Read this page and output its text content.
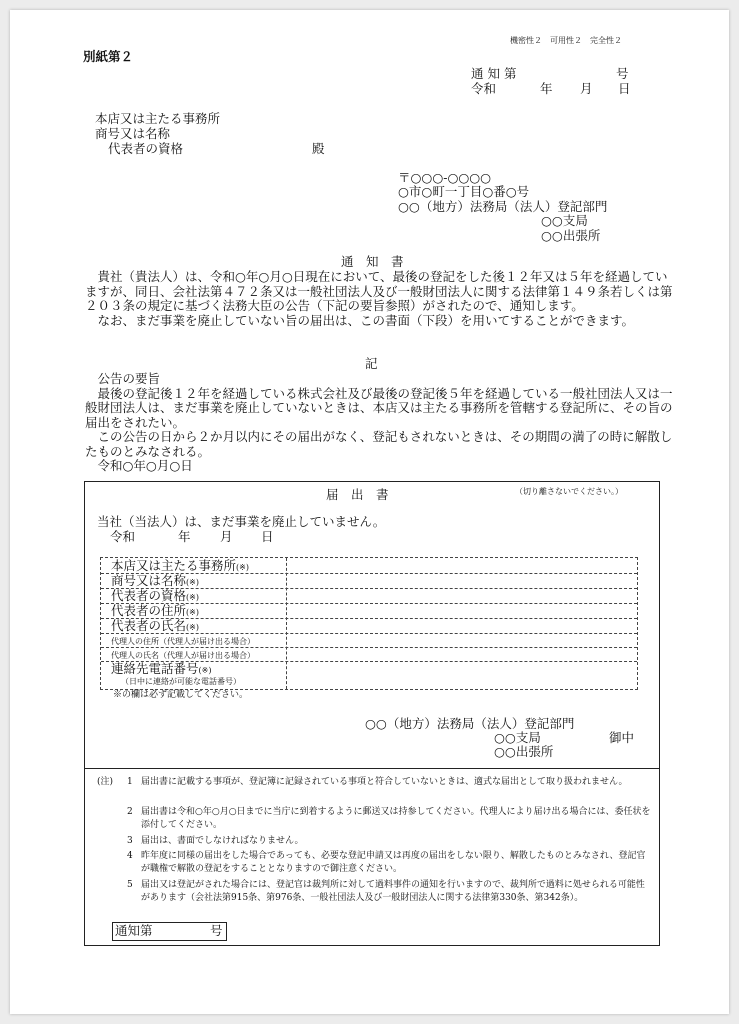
機密性２　可用性２　完全性２
別紙第２
通 知 第	号
令和	年 月 日
本店又は主たる事務所
商号又は名称
代表者の資格	殿
〒○○○-○○○○
○市○町一丁目○番○号
○○（地方）法務局（法人）登記部門
○○支局
○○出張所
通　知　書

貴社（貴法人）は、令和○年○月○日現在において、最後の登記をした後１２年又は５年を経過していますが、同日、会社法第４７２条又は一般社団法人及び一般財団法人に関する法律第１４９条若しくは第２０３条の規定に基づく法務大臣の公告（下記の要旨参照）がされたので、通知します。

なお、まだ事業を廃止していない旨の届出は、この書面（下段）を用いてすることができます。

記

公告の要旨

最後の登記後１２年を経過している株式会社及び最後の登記後５年を経過している一般社団法人又は一般財団法人は、まだ事業を廃止していないときは、本店又は主たる事務所を管轄する登記所に、その旨の届出をされたい。

この公告の日から２か月以内にその届出がなく、登記もされないときは、その期間の満了の時に解散したものとみなされる。

令和○年○月○日

届　出　書	（切り離さないでください。）
当社（当法人）は、まだ事業を廃止していません。
令和	年 月 日
本店又は主たる事務所(※)
商号又は名称(※)
代表者の資格(※)
代表者の住所(※)
代表者の氏名(※)
代理人の住所（代理人が届け出る場合）
代理人の氏名（代理人が届け出る場合）
連絡先電話番号(※)
（日中に連絡が可能な電話番号）
※の欄は必ず記載してください。
○○（地方）法務局（法人）登記部門
○○支局	御中
○○出張所
(注) 1 届出書に記載する事項が、登記簿に記録されている事項と符合していないときは、適式な届出として取り扱われません。
2 届出書は令和○年○月○日までに当庁に到着するように郵送又は持参してください。代理人により届け出る場合には、委任状を添付してください。
3 届出は、書面でしなければなりません。
4 昨年度に同様の届出をした場合であっても、必要な登記申請又は再度の届出をしない限り、解散したものとみなされ、登記官が職権で解散の登記をすることとなりますので御注意ください。
5 届出又は登記がされた場合には、登記官は裁判所に対して過料事件の通知を行いますので、裁判所で過料に処せられる可能性があります（会社法第915条、第976条、一般社団法人及び一般財団法人に関する法律第330条、第342条）。
通知第	号
